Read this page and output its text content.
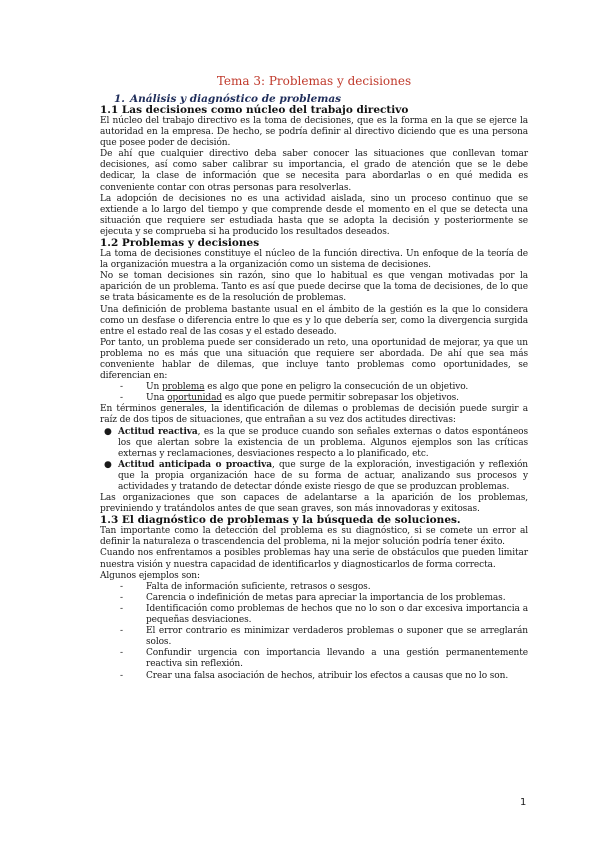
Tema 3: Problemas y decisiones
1. Análisis y diagnóstico de problemas
1.1 Las decisiones como núcleo del trabajo directivo

El núcleo del trabajo directivo es la toma de decisiones, que es la forma en la que se ejerce la autoridad en la empresa. De hecho, se podría definir al directivo diciendo que es una persona que posee poder de decisión.

De ahí que cualquier directivo deba saber conocer las situaciones que conllevan tomar decisiones, así como saber calibrar su importancia, el grado de atención que se le debe dedicar, la clase de información que se necesita para abordarlas o en qué medida es conveniente contar con otras personas para resolverlas.

La adopción de decisiones no es una actividad aislada, sino un proceso continuo que se extiende a lo largo del tiempo y que comprende desde el momento en el que se detecta una situación que requiere ser estudiada hasta que se adopta la decisión y posteriormente se ejecuta y se comprueba si ha producido los resultados deseados.

1.2 Problemas y decisiones

La toma de decisiones constituye el núcleo de la función directiva. Un enfoque de la teoría de la organización muestra a la organización como un sistema de decisiones.

No se toman decisiones sin razón, sino que lo habitual es que vengan motivadas por la aparición de un problema. Tanto es así que puede decirse que la toma de decisiones, de lo que se trata básicamente es de la resolución de problemas.

Una definición de problema bastante usual en el ámbito de la gestión es la que lo considera como un desfase o diferencia entre lo que es y lo que debería ser, como la divergencia surgida entre el estado real de las cosas y el estado deseado.

Por tanto, un problema puede ser considerado un reto, una oportunidad de mejorar, ya que un problema no es más que una situación que requiere ser abordada. De ahí que sea más conveniente hablar de dilemas, que incluye tanto problemas como oportunidades, se diferencian en:

-	Un problema es algo que pone en peligro la consecución de un objetivo.
-	Una oportunidad es algo que puede permitir sobrepasar los objetivos.

En términos generales, la identificación de dilemas o problemas de decisión puede surgir a raíz de dos tipos de situaciones, que entrañan a su vez dos actitudes directivas:

● Actitud reactiva, es la que se produce cuando son señales externas o datos espontáneos los que alertan sobre la existencia de un problema. Algunos ejemplos son las críticas externas y reclamaciones, desviaciones respecto a lo planificado, etc.
● Actitud anticipada o proactiva, que surge de la exploración, investigación y reflexión que la propia organización hace de su forma de actuar, analizando sus procesos y actividades y tratando de detectar dónde existe riesgo de que se produzcan problemas.

Las organizaciones que son capaces de adelantarse a la aparición de los problemas, previniendo y tratándolos antes de que sean graves, son más innovadoras y exitosas.

1.3 El diagnóstico de problemas y la búsqueda de soluciones.

Tan importante como la detección del problema es su diagnóstico, si se comete un error al definir la naturaleza o trascendencia del problema, ni la mejor solución podría tener éxito.

Cuando nos enfrentamos a posibles problemas hay una serie de obstáculos que pueden limitar nuestra visión y nuestra capacidad de identificarlos y diagnosticarlos de forma correcta.

Algunos ejemplos son:

-	Falta de información suficiente, retrasos o sesgos.
-	Carencia o indefinición de metas para apreciar la importancia de los problemas.
-	Identificación como problemas de hechos que no lo son o dar excesiva importancia a pequeñas desviaciones.
-	El error contrario es minimizar verdaderos problemas o suponer que se arreglarán solos.
-	Confundir urgencia con importancia llevando a una gestión permanentemente reactiva sin reflexión.
-	Crear una falsa asociación de hechos, atribuir los efectos a causas que no lo son.
1
